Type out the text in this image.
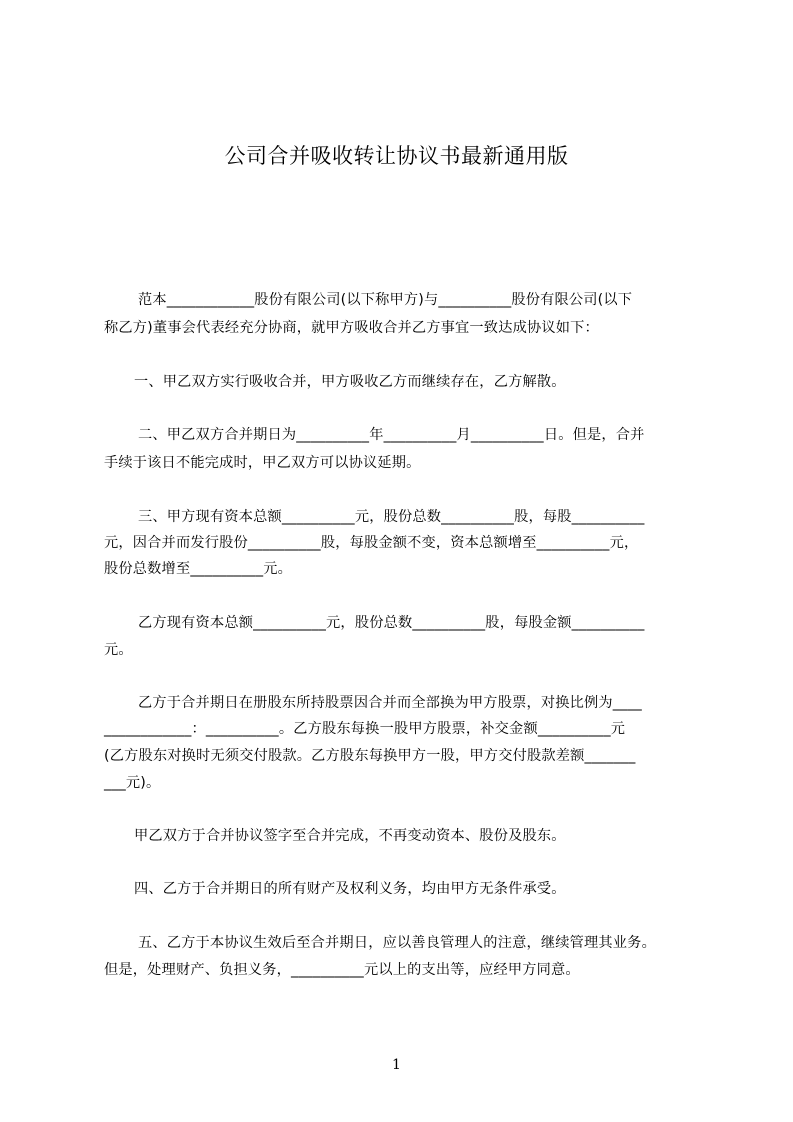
公司合并吸收转让协议书最新通用版
范本____________股份有限公司(以下称甲方)与__________股份有限公司(以下
称乙方)董事会代表经充分协商，就甲方吸收合并乙方事宜一致达成协议如下：
一、甲乙双方实行吸收合并，甲方吸收乙方而继续存在，乙方解散。
二、甲乙双方合并期日为__________年__________月__________日。但是，合并
手续于该日不能完成时，甲乙双方可以协议延期。
三、甲方现有资本总额__________元，股份总数__________股，每股__________
元，因合并而发行股份__________股，每股金额不变，资本总额增至__________元，
股份总数增至__________元。
乙方现有资本总额__________元，股份总数__________股，每股金额__________
元。
乙方于合并期日在册股东所持股票因合并而全部换为甲方股票，对换比例为____
____________：__________。乙方股东每换一股甲方股票，补交金额__________元
(乙方股东对换时无须交付股款。乙方股东每换甲方一股，甲方交付股款差额_______
___元)。
甲乙双方于合并协议签字至合并完成，不再变动资本、股份及股东。
四、乙方于合并期日的所有财产及权利义务，均由甲方无条件承受。
五、乙方于本协议生效后至合并期日，应以善良管理人的注意，继续管理其业务。
但是，处理财产、负担义务，__________元以上的支出等，应经甲方同意。
1
